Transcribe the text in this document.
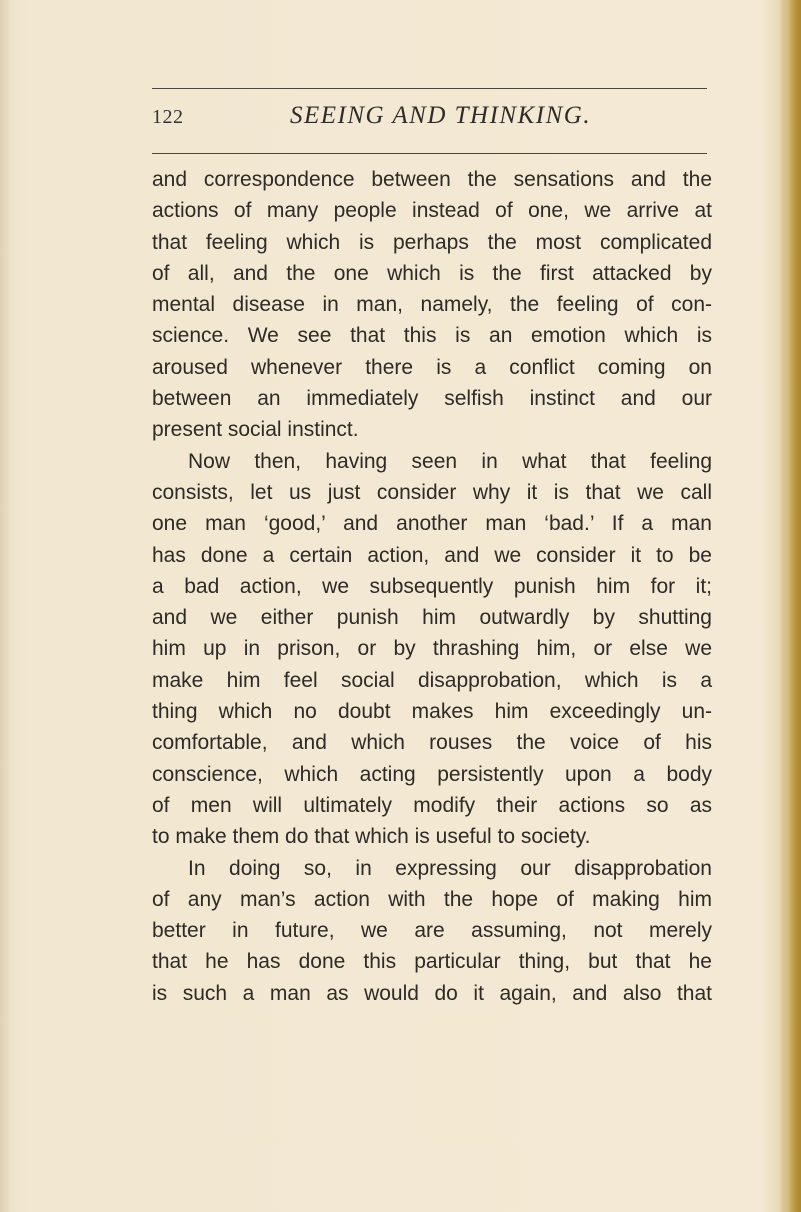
122	SEEING AND THINKING.
and correspondence between the sensations and the
actions of many people instead of one, we arrive at
that feeling which is perhaps the most complicated
of all, and the one which is the first attacked by
mental disease in man, namely, the feeling of con-
science. We see that this is an emotion which is
aroused whenever there is a conflict coming on
between an immediately selfish instinct and our
present social instinct.
Now then, having seen in what that feeling
consists, let us just consider why it is that we call
one man ‘good,’ and another man ‘bad.’ If a man
has done a certain action, and we consider it to be
a bad action, we subsequently punish him for it;
and we either punish him outwardly by shutting
him up in prison, or by thrashing him, or else we
make him feel social disapprobation, which is a
thing which no doubt makes him exceedingly un-
comfortable, and which rouses the voice of his
conscience, which acting persistently upon a body
of men will ultimately modify their actions so as
to make them do that which is useful to society.
In doing so, in expressing our disapprobation
of any man’s action with the hope of making him
better in future, we are assuming, not merely
that he has done this particular thing, but that he
is such a man as would do it again, and also that
